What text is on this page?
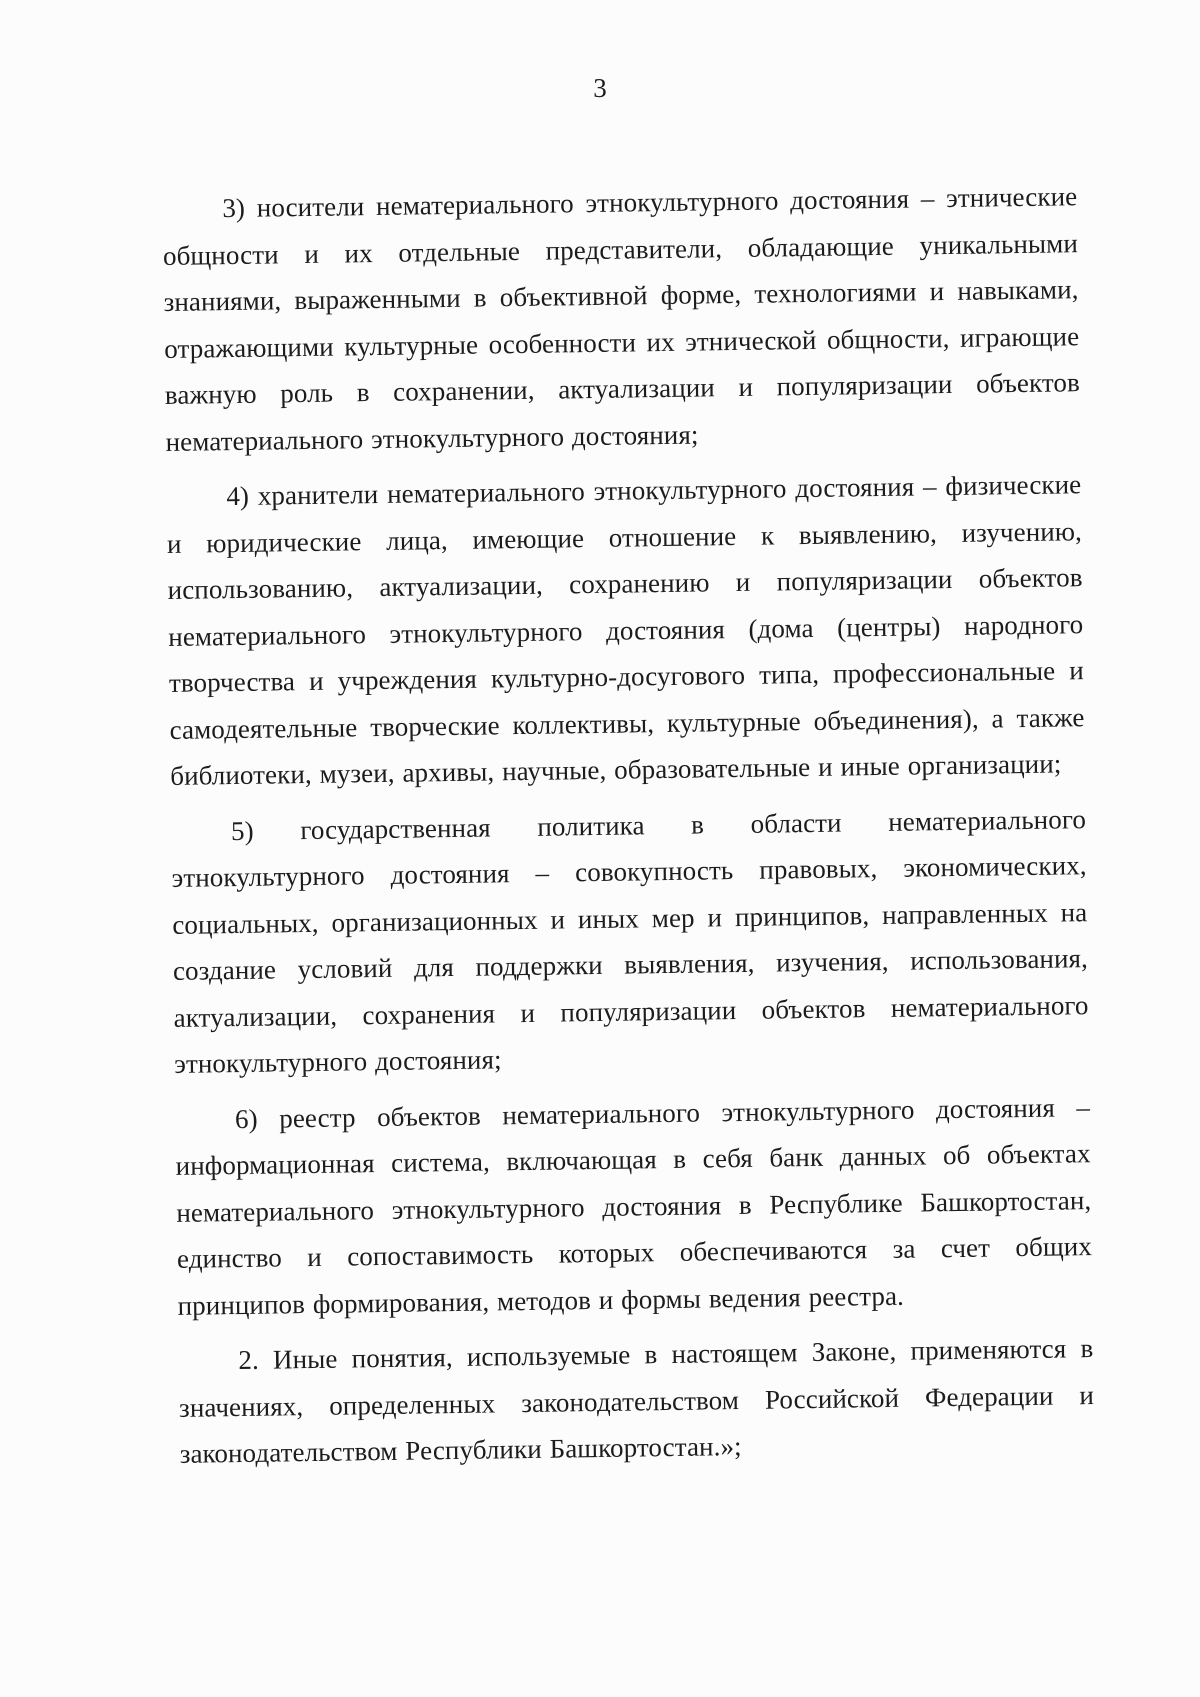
3

3) носители нематериального этнокультурного достояния – этнические общности и их отдельные представители, обладающие уникальными знаниями, выраженными в объективной форме, технологиями и навыками, отражающими культурные особенности их этнической общности, играющие важную роль в сохранении, актуализации и популяризации объектов нематериального этнокультурного достояния;

4) хранители нематериального этнокультурного достояния – физические и юридические лица, имеющие отношение к выявлению, изучению, использованию, актуализации, сохранению и популяризации объектов нематериального этнокультурного достояния (дома (центры) народного творчества и учреждения культурно-досугового типа, профессиональные и самодеятельные творческие коллективы, культурные объединения), а также библиотеки, музеи, архивы, научные, образовательные и иные организации;

5) государственная политика в области нематериального этнокультурного достояния – совокупность правовых, экономических, социальных, организационных и иных мер и принципов, направленных на создание условий для поддержки выявления, изучения, использования, актуализации, сохранения и популяризации объектов нематериального этнокультурного достояния;

6) реестр объектов нематериального этнокультурного достояния – информационная система, включающая в себя банк данных об объектах нематериального этнокультурного достояния в Республике Башкортостан, единство и сопоставимость которых обеспечиваются за счет общих принципов формирования, методов и формы ведения реестра.

2. Иные понятия, используемые в настоящем Законе, применяются в значениях, определенных законодательством Российской Федерации и законодательством Республики Башкортостан.»;
